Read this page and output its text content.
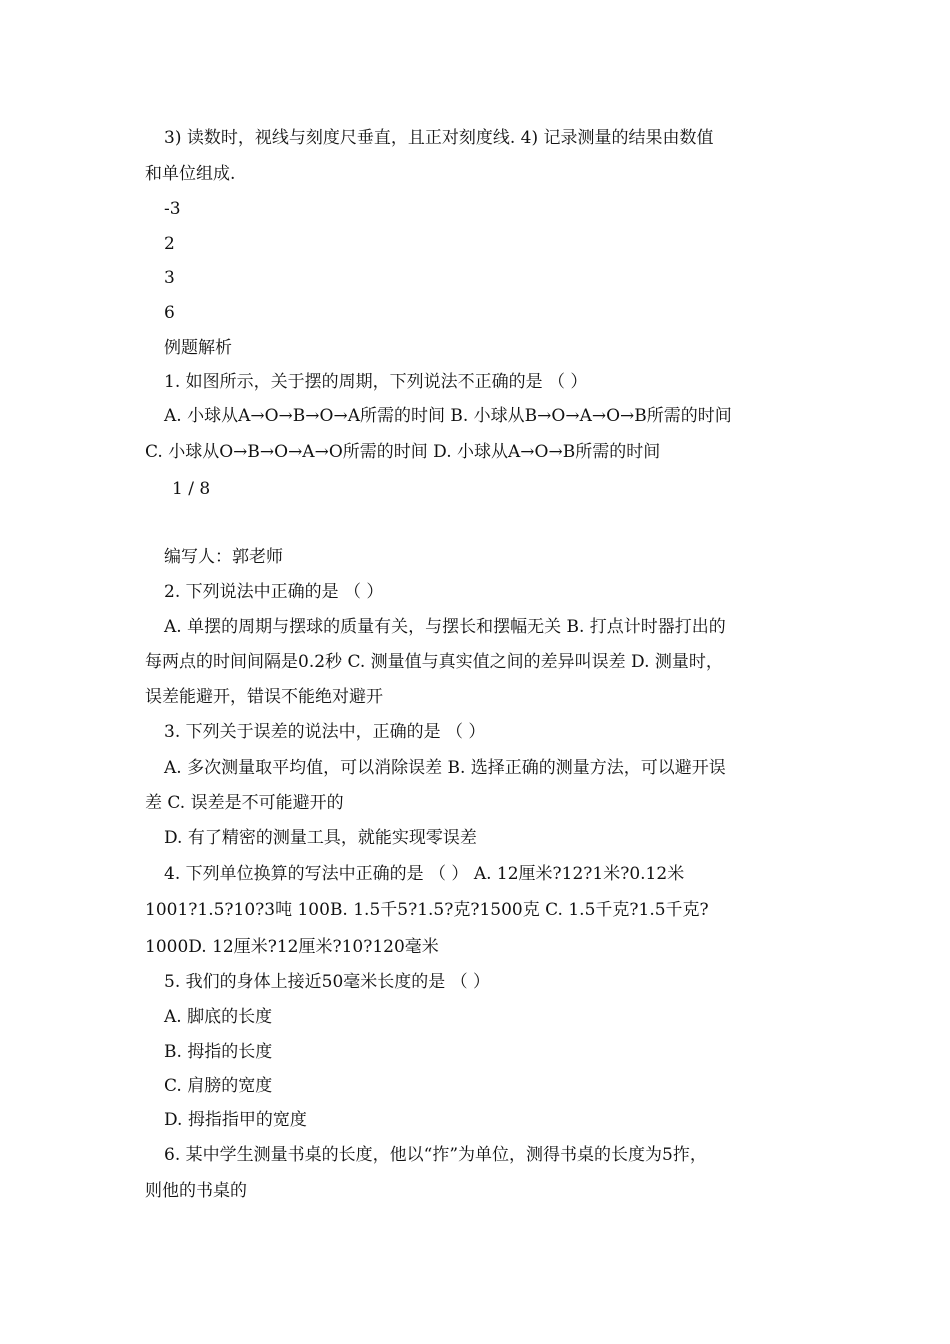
3) 读数时，视线与刻度尺垂直，且正对刻度线. 4) 记录测量的结果由数值
和单位组成.
-3
2
3
6
例题解析
1. 如图所示，关于摆的周期，下列说法不正确的是 （ ）
A. 小球从A→O→B→O→A所需的时间 B. 小球从B→O→A→O→B所需的时间
C. 小球从O→B→O→A→O所需的时间 D. 小球从A→O→B所需的时间
1 / 8
编写人：郭老师
2. 下列说法中正确的是 （ ）
A. 单摆的周期与摆球的质量有关，与摆长和摆幅无关 B. 打点计时器打出的
每两点的时间间隔是0.2秒 C. 测量值与真实值之间的差异叫误差 D. 测量时，
误差能避开，错误不能绝对避开
3. 下列关于误差的说法中，正确的是 （ ）
A. 多次测量取平均值，可以消除误差 B. 选择正确的测量方法，可以避开误
差 C. 误差是不可能避开的
D. 有了精密的测量工具，就能实现零误差
4. 下列单位换算的写法中正确的是 （ ） A. 12厘米?12?1米?0.12米
1001?1.5?10?3吨 100B. 1.5千5?1.5?克?1500克 C. 1.5千克?1.5千克?
1000D. 12厘米?12厘米?10?120毫米
5. 我们的身体上接近50毫米长度的是 （ ）
A. 脚底的长度
B. 拇指的长度
C. 肩膀的宽度
D. 拇指指甲的宽度
6. 某中学生测量书桌的长度，他以“拃”为单位，测得书桌的长度为5拃，
则他的书桌的
